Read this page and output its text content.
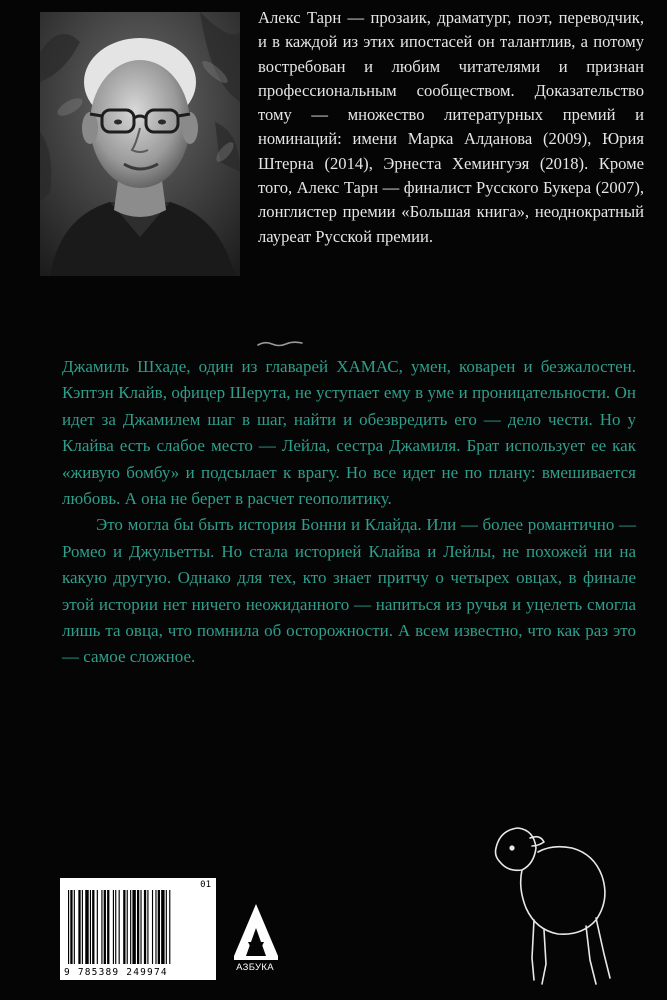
Алекс Тарн — прозаик, драматург, поэт, переводчик, и в каждой из этих ипостасей он талантлив, а потому востребован и любим читателями и признан профессиональным сообществом. Доказательство тому — множество литературных премий и номинаций: имени Марка Алданова (2009), Юрия Штерна (2014), Эрнеста Хемингуэя (2018). Кроме того, Алекс Тарн — финалист Русского Букера (2007), лонглистер премии «Большая книга», неоднократный лауреат Русской премии.

Джамиль Шхаде, один из главарей ХАМАС, умен, коварен и безжалостен. Кэптэн Клайв, офицер Шерута, не уступает ему в уме и проницательности. Он идет за Джамилем шаг в шаг, найти и обезвредить его — дело чести. Но у Клайва есть слабое место — Лейла, сестра Джамиля. Брат использует ее как «живую бомбу» и подсылает к врагу. Но все идет не по плану: вмешивается любовь. А она не берет в расчет геополитику.

Это могла бы быть история Бонни и Клайда. Или — более романтично — Ромео и Джульетты. Но стала историей Клайва и Лейлы, не похожей ни на какую другую. Однако для тех, кто знает притчу о четырех овцах, в финале этой истории нет ничего неожиданного — напиться из ручья и уцелеть смогла лишь та овца, что помнила об осторожности. А всем известно, что как раз это — самое сложное.

01
9 785389 249974	АЗБУКА
